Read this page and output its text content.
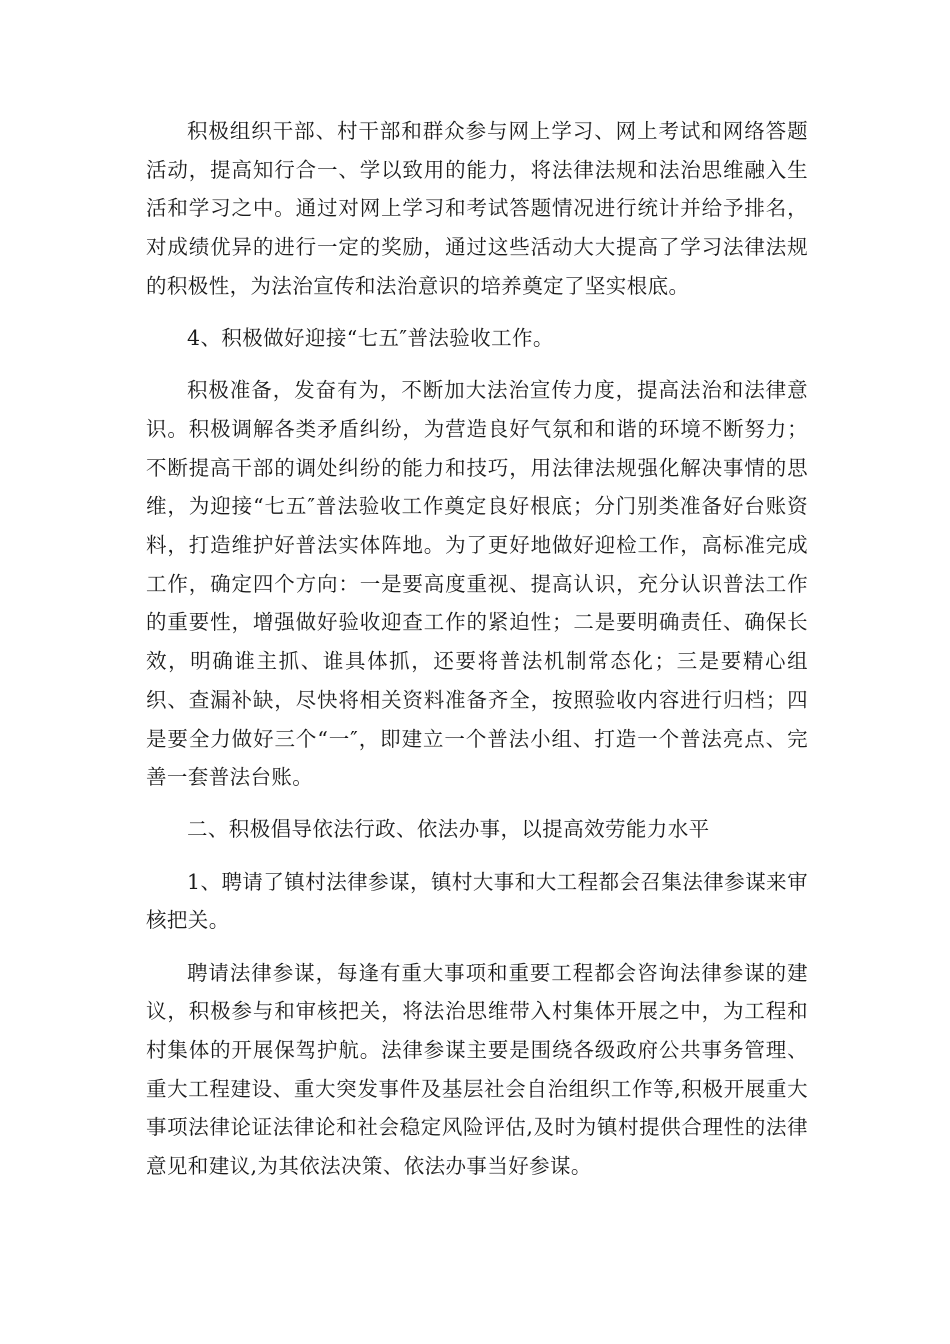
积极组织干部、村干部和群众参与网上学习、网上考试和网络答题活动，提高知行合一、学以致用的能力，将法律法规和法治思维融入生活和学习之中。通过对网上学习和考试答题情况进行统计并给予排名，对成绩优异的进行一定的奖励，通过这些活动大大提高了学习法律法规的积极性，为法治宣传和法治意识的培养奠定了坚实根底。

4、积极做好迎接“七五″普法验收工作。

积极准备，发奋有为，不断加大法治宣传力度，提高法治和法律意识。积极调解各类矛盾纠纷，为营造良好气氛和和谐的环境不断努力；不断提高干部的调处纠纷的能力和技巧，用法律法规强化解决事情的思维，为迎接“七五″普法验收工作奠定良好根底；分门别类准备好台账资料，打造维护好普法实体阵地。为了更好地做好迎检工作，高标准完成工作，确定四个方向：一是要高度重视、提高认识，充分认识普法工作的重要性，增强做好验收迎查工作的紧迫性；二是要明确责任、确保长效，明确谁主抓、谁具体抓，还要将普法机制常态化；三是要精心组织、查漏补缺，尽快将相关资料准备齐全，按照验收内容进行归档；四是要全力做好三个“一″，即建立一个普法小组、打造一个普法亮点、完善一套普法台账。

二、积极倡导依法行政、依法办事，以提高效劳能力水平

1、聘请了镇村法律参谋，镇村大事和大工程都会召集法律参谋来审核把关。

聘请法律参谋，每逢有重大事项和重要工程都会咨询法律参谋的建议，积极参与和审核把关，将法治思维带入村集体开展之中，为工程和村集体的开展保驾护航。法律参谋主要是围绕各级政府公共事务管理、重大工程建设、重大突发事件及基层社会自治组织工作等,积极开展重大事项法律论证法律论和社会稳定风险评估,及时为镇村提供合理性的法律意见和建议,为其依法决策、依法办事当好参谋。
